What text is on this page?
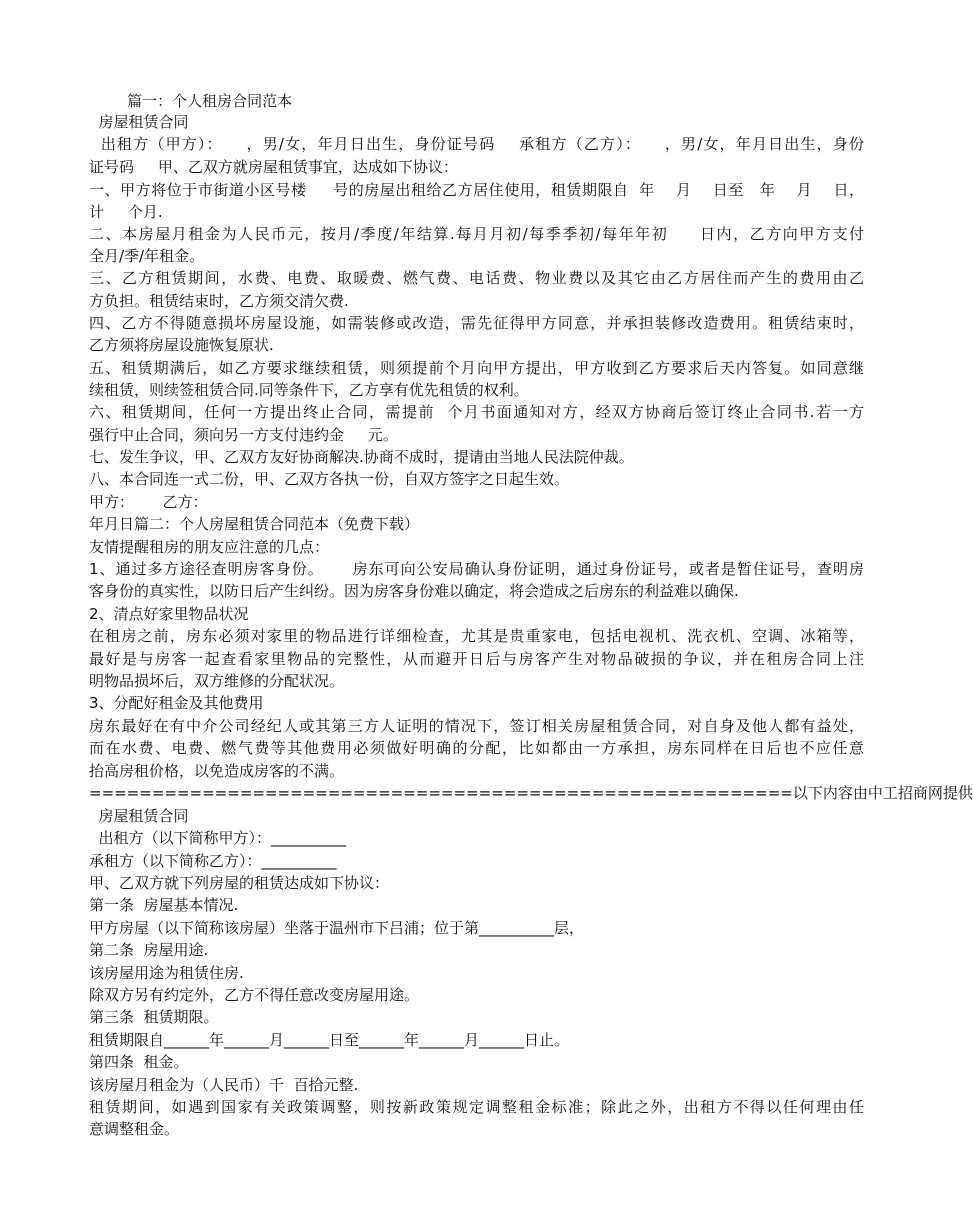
篇一：个人租房合同范本
房屋租赁合同
出租方（甲方）：    ，男/女，年月日出生，身份证号码    承租方（乙方）：    ，男/女，年月日出生，身份
证号码     甲、乙双方就房屋租赁事宜，达成如下协议：
一、甲方将位于市街道小区号楼     号的房屋出租给乙方居住使用，租赁期限自  年    月    日至   年    月    日，
计     个月.
二、本房屋月租金为人民币元，按月/季度/年结算.每月月初/每季季初/每年年初     日内，乙方向甲方支付
全月/季/年租金。
三、乙方租赁期间，水费、电费、取暖费、燃气费、电话费、物业费以及其它由乙方居住而产生的费用由乙
方负担。租赁结束时，乙方须交清欠费.
四、乙方不得随意损坏房屋设施，如需装修或改造，需先征得甲方同意，并承担装修改造费用。租赁结束时，
乙方须将房屋设施恢复原状.
五、租赁期满后，如乙方要求继续租赁，则须提前个月向甲方提出，甲方收到乙方要求后天内答复。如同意继
续租赁，则续签租赁合同.同等条件下，乙方享有优先租赁的权利。
六、租赁期间，任何一方提出终止合同，需提前  个月书面通知对方，经双方协商后签订终止合同书.若一方
强行中止合同，须向另一方支付违约金     元。
七、发生争议，甲、乙双方友好协商解决.协商不成时，提请由当地人民法院仲裁。
八、本合同连一式二份，甲、乙双方各执一份，自双方签字之日起生效。
甲方：      乙方：
年月日篇二：个人房屋租赁合同范本（免费下载）
友情提醒租房的朋友应注意的几点：
1、通过多方途径查明房客身份。     房东可向公安局确认身份证明，通过身份证号，或者是暂住证号，查明房
客身份的真实性，以防日后产生纠纷。因为房客身份难以确定，将会造成之后房东的利益难以确保.
2、清点好家里物品状况
在租房之前，房东必须对家里的物品进行详细检查，尤其是贵重家电，包括电视机、洗衣机、空调、冰箱等，
最好是与房客一起查看家里物品的完整性，从而避开日后与房客产生对物品破损的争议，并在租房合同上注
明物品损坏后，双方维修的分配状况。
3、分配好租金及其他费用
房东最好在有中介公司经纪人或其第三方人证明的情况下，签订相关房屋租赁合同，对自身及他人都有益处，
而在水费、电费、燃气费等其他费用必须做好明确的分配，比如都由一方承担，房东同样在日后也不应任意
抬高房租价格，以免造成房客的不满。
========================================================以下内容由中工招商网提供
房屋租赁合同
出租方（以下简称甲方）：__________
承租方（以下简称乙方）：__________
甲、乙双方就下列房屋的租赁达成如下协议：
第一条  房屋基本情况.
甲方房屋（以下简称该房屋）坐落于温州市下吕浦；位于第__________层，
第二条  房屋用途.
该房屋用途为租赁住房.
除双方另有约定外，乙方不得任意改变房屋用途。
第三条  租赁期限。
租赁期限自______年______月______日至______年______月______日止。
第四条  租金。
该房屋月租金为（人民币）千  百拾元整.
租赁期间，如遇到国家有关政策调整，则按新政策规定调整租金标准；除此之外，出租方不得以任何理由任
意调整租金。
